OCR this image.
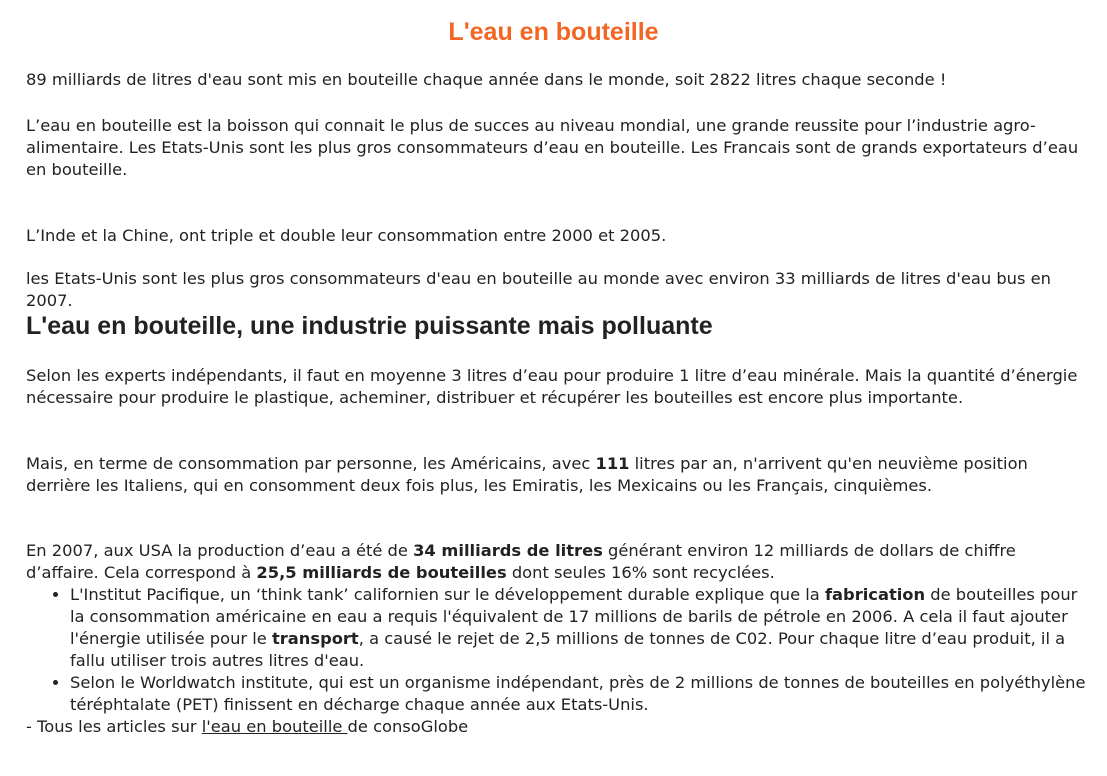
L'eau en bouteille

89 milliards de litres d'eau sont mis en bouteille chaque année dans le monde, soit 2822 litres chaque seconde !

L’eau en bouteille est la boisson qui connait le plus de succes au niveau mondial, une grande reussite pour l’industrie agro-alimentaire. Les Etats-Unis sont les plus gros consommateurs d’eau en bouteille. Les Francais sont de grands exportateurs d’eau en bouteille.

L’Inde et la Chine, ont triple et double leur consommation entre 2000 et 2005.

les Etats-Unis sont les plus gros consommateurs d'eau en bouteille au monde avec environ 33 milliards de litres d'eau bus en 2007.

L'eau en bouteille, une industrie puissante mais polluante

Selon les experts indépendants, il faut en moyenne 3 litres d’eau pour produire 1 litre d’eau minérale. Mais la quantité d’énergie nécessaire pour produire le plastique, acheminer, distribuer et récupérer les bouteilles est encore plus importante.

Mais, en terme de consommation par personne, les Américains, avec 111 litres par an, n'arrivent qu'en neuvième position derrière les Italiens, qui en consomment deux fois plus, les Emiratis, les Mexicains ou les Français, cinquièmes.

En 2007, aux USA la production d’eau a été de 34 milliards de litres générant environ 12 milliards de dollars de chiffre d’affaire. Cela correspond à 25,5 milliards de bouteilles dont seules 16% sont recyclées.

• L'Institut Pacifique, un ‘think tank’ californien sur le développement durable explique que la fabrication de bouteilles pour la consommation américaine en eau a requis l'équivalent de 17 millions de barils de pétrole en 2006. A cela il faut ajouter l'énergie utilisée pour le transport, a causé le rejet de 2,5 millions de tonnes de C02. Pour chaque litre d’eau produit, il a fallu utiliser trois autres litres d'eau.
• Selon le Worldwatch institute, qui est un organisme indépendant, près de 2 millions de tonnes de bouteilles en polyéthylène téréphtalate (PET) finissent en décharge chaque année aux Etats-Unis.

- Tous les articles sur l'eau en bouteille de consoGlobe
